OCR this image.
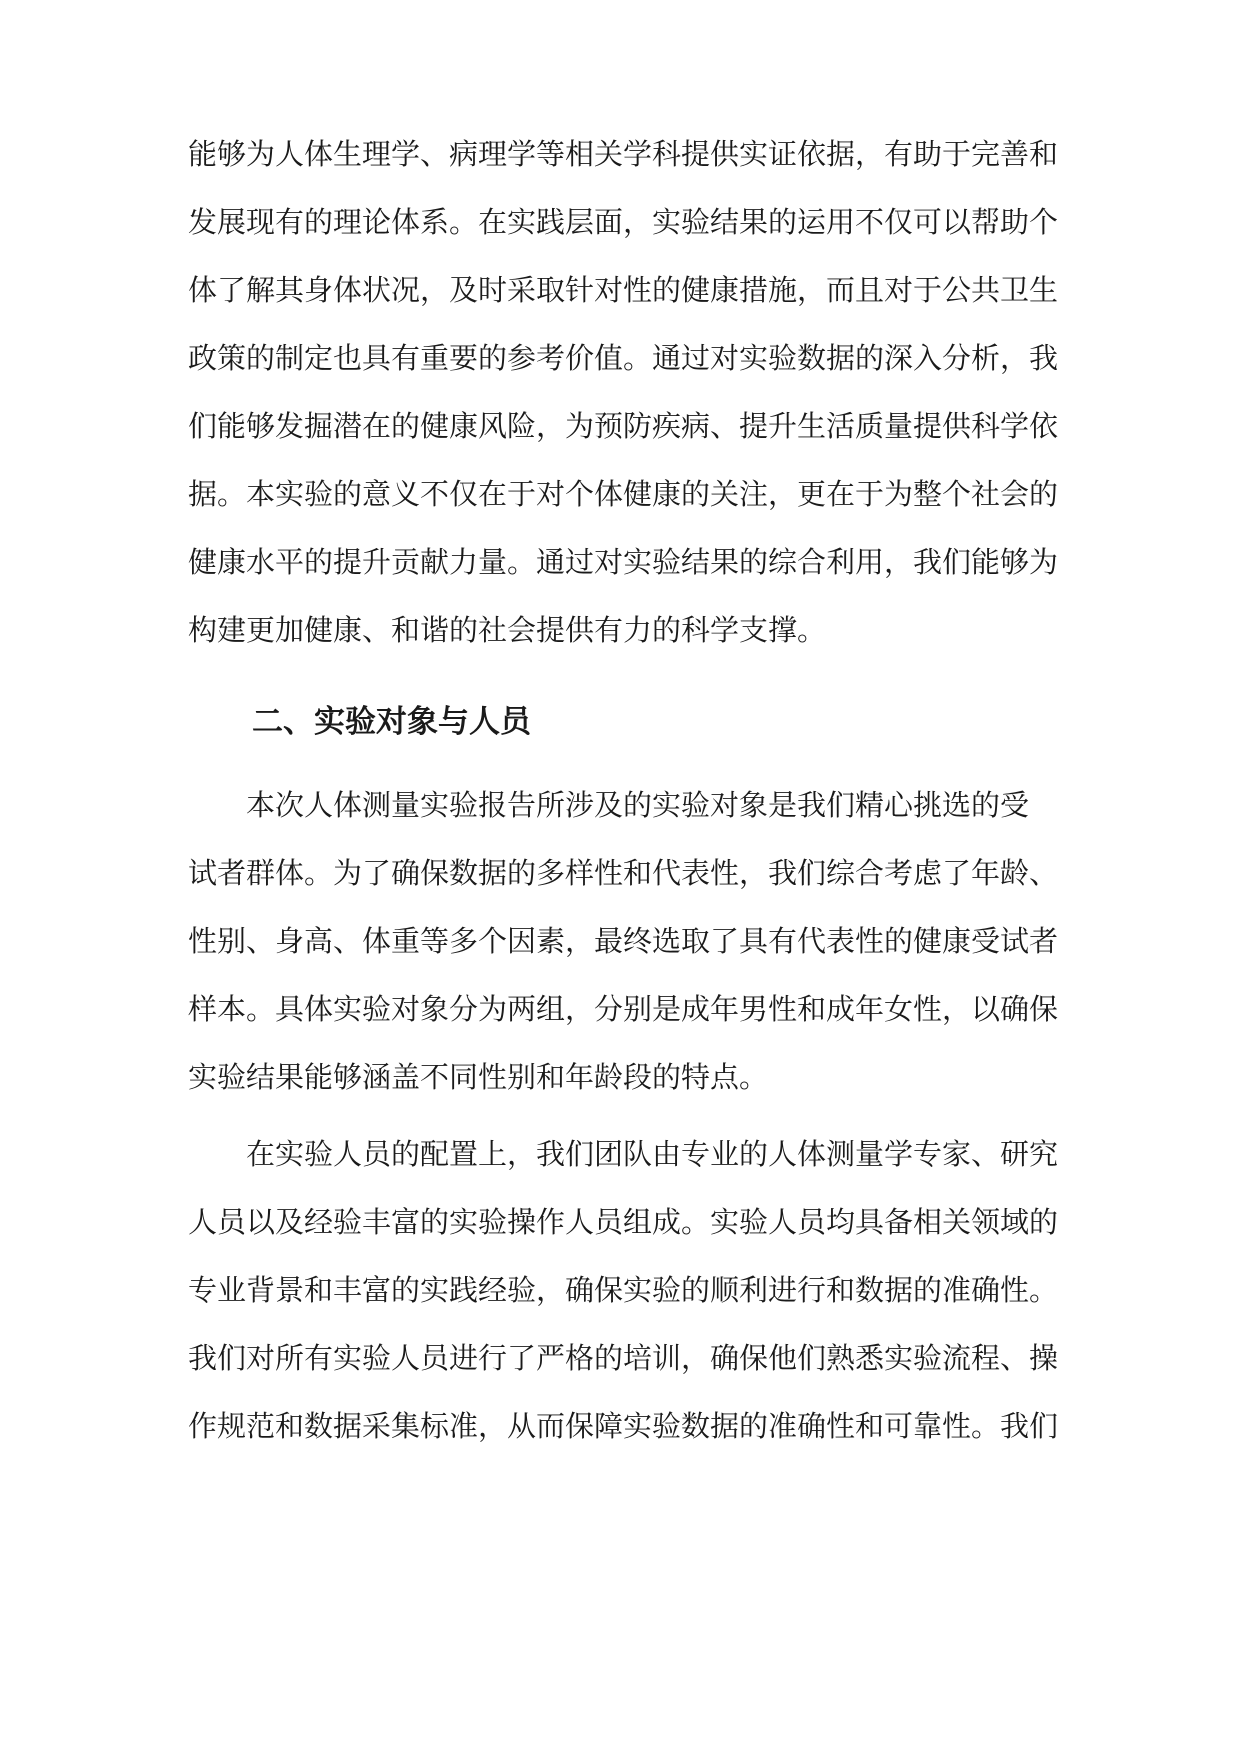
能够为人体生理学、病理学等相关学科提供实证依据，有助于完善和
发展现有的理论体系。在实践层面，实验结果的运用不仅可以帮助个
体了解其身体状况，及时采取针对性的健康措施，而且对于公共卫生
政策的制定也具有重要的参考价值。通过对实验数据的深入分析，我
们能够发掘潜在的健康风险，为预防疾病、提升生活质量提供科学依
据。本实验的意义不仅在于对个体健康的关注，更在于为整个社会的
健康水平的提升贡献力量。通过对实验结果的综合利用，我们能够为
构建更加健康、和谐的社会提供有力的科学支撑。
二、实验对象与人员
本次人体测量实验报告所涉及的实验对象是我们精心挑选的受
试者群体。为了确保数据的多样性和代表性，我们综合考虑了年龄、
性别、身高、体重等多个因素，最终选取了具有代表性的健康受试者
样本。具体实验对象分为两组，分别是成年男性和成年女性，以确保
实验结果能够涵盖不同性别和年龄段的特点。
在实验人员的配置上，我们团队由专业的人体测量学专家、研究
人员以及经验丰富的实验操作人员组成。实验人员均具备相关领域的
专业背景和丰富的实践经验，确保实验的顺利进行和数据的准确性。
我们对所有实验人员进行了严格的培训，确保他们熟悉实验流程、操
作规范和数据采集标准，从而保障实验数据的准确性和可靠性。我们
